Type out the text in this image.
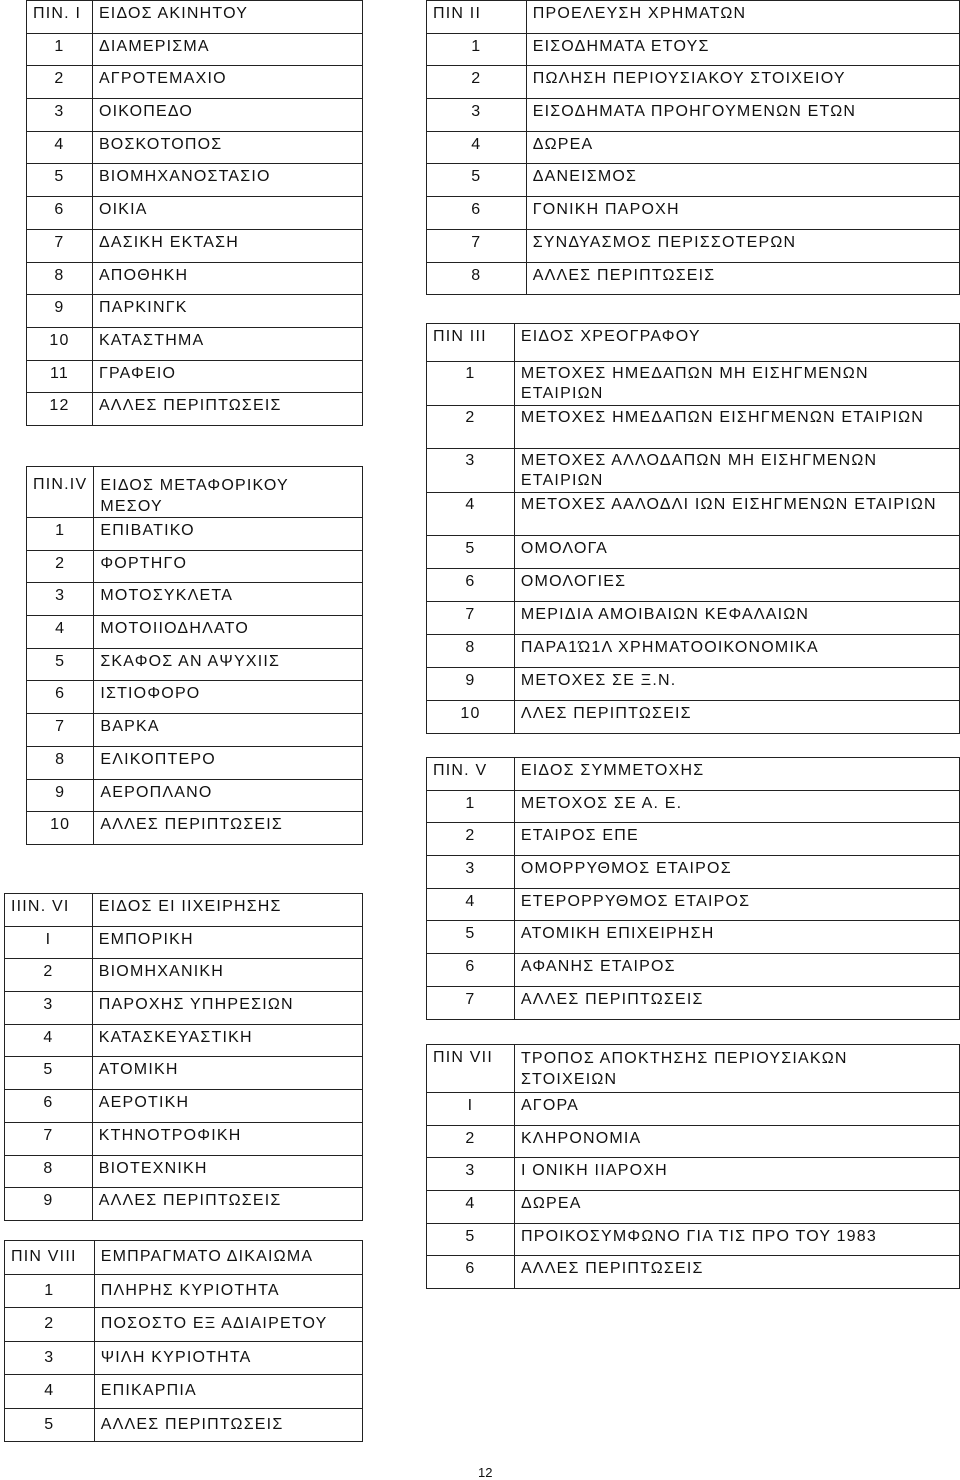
ΠΙΝ. I	ΕΙΔΟΣ ΑΚΙΝΗΤΟΥ
1	ΔΙΑΜΕΡΙΣΜΑ
2	ΑΓΡΟΤΕΜΑΧΙΟ
3	ΟΙΚΟΠΕΔΟ
4	ΒΟΣΚΟΤΟΠΟΣ
5	ΒΙΟΜΗΧΑΝΟΣΤΑΣΙΟ
6	ΟΙΚΙΑ
7	ΔΑΣΙΚΗ ΕΚΤΑΣΗ
8	ΑΠΟΘΗΚΗ
9	ΠΑΡΚΙΝΓΚ
10	ΚΑΤΑΣΤΗΜΑ
11	ΓΡΑΦΕΙΟ
12	ΑΛΛΕΣ ΠΕΡΙΠΤΩΣΕΙΣ
ΠΙΝ II	ΠΡΟΕΛΕΥΣΗ ΧΡΗΜΑΤΩΝ
1	ΕΙΣΟΔΗΜΑΤΑ ΕΤΟΥΣ
2	ΠΩΛΗΣΗ ΠΕΡΙΟΥΣΙΑΚΟΥ ΣΤΟΙΧΕΙΟΥ
3	ΕΙΣΟΔΗΜΑΤΑ ΠΡΟΗΓΟΥΜΕΝΩΝ ΕΤΩΝ
4	ΔΩΡΕΑ
5	ΔΑΝΕΙΣΜΟΣ
6	ΓΟΝΙΚΗ ΠΑΡΟΧΗ
7	ΣΥΝΔΥΑΣΜΟΣ ΠΕΡΙΣΣΟΤΕΡΩΝ
8	ΑΛΛΕΣ ΠΕΡΙΠΤΩΣΕΙΣ
ΠΙΝ III	ΕΙΔΟΣ ΧΡΕΟΓΡΑΦΟΥ
1	ΜΕΤΟΧΕΣ ΗΜΕΔΑΠΩΝ ΜΗ ΕΙΣΗΓΜΕΝΩΝ ΕΤΑΙΡΙΩΝ
2	ΜΕΤΟΧΕΣ ΗΜΕΔΑΠΩΝ ΕΙΣΗΓΜΕΝΩΝ ΕΤΑΙΡΙΩΝ
3	ΜΕΤΟΧΕΣ ΑΛΛΟΔΑΠΩΝ ΜΗ ΕΙΣΗΓΜΕΝΩΝ ΕΤΑΙΡΙΩΝ
4	ΜΕΤΟΧΕΣ ΑΑΛΟΔΛΙ ΙΩΝ ΕΙΣΗΓΜΕΝΩΝ ΕΤΑΙΡΙΩΝ
5	ΟΜΟΛΟΓΑ
6	ΟΜΟΛΟΓΙΕΣ
7	ΜΕΡΙΔΙΑ ΑΜΟΙΒΑΙΩΝ ΚΕΦΑΛΑΙΩΝ
8	ΠΑΡΑ1Ώ1Λ ΧΡΗΜΑΤΟΟΙΚΟΝΟΜΙΚΑ
9	ΜΕΤΟΧΕΣ ΣΕ Ξ.Ν.
10	ΛΛΕΣ ΠΕΡΙΠΤΩΣΕΙΣ
ΠΙΝ.IV	ΕΙΔΟΣ ΜΕΤΑΦΟΡΙΚΟΥ ΜΕΣΟΥ
1	ΕΠΙΒΑΤΙΚΟ
2	ΦΟΡΤΗΓΟ
3	ΜΟΤΟΣΥΚΛΕΤΑ
4	ΜΟΤΟΙΙΟΔΗΛΑΤΟ
5	ΣΚΑΦΟΣ ΑΝ ΑΨΥΧΙΙΣ
6	ΙΣΤΙΟΦΟΡΟ
7	ΒΑΡΚΑ
8	ΕΛΙΚΟΠΤΕΡΟ
9	ΑΕΡΟΠΛΑΝΟ
10	ΑΛΛΕΣ ΠΕΡΙΠΤΩΣΕΙΣ
ΠΙΝ. V	ΕΙΔΟΣ ΣΥΜΜΕΤΟΧΗΣ
1	ΜΕΤΟΧΟΣ ΣΕ Α. Ε.
2	ΕΤΑΙΡΟΣ ΕΠΕ
3	ΟΜΟΡΡΥΘΜΟΣ ΕΤΑΙΡΟΣ
4	ΕΤΕΡΟΡΡΥΘΜΟΣ ΕΤΑΙΡΟΣ
5	ΑΤΟΜΙΚΗ ΕΠΙΧΕΙΡΗΣΗ
6	ΑΦΑΝΗΣ ΕΤΑΙΡΟΣ
7	ΑΛΛΕΣ ΠΕΡΙΠΤΩΣΕΙΣ
ΙΙΙΝ. VI	ΕΙΔΟΣ ΕΙ ΙΙΧΕΙΡΗΣΗΣ
Ι	ΕΜΠΟΡΙΚΗ
2	ΒΙΟΜΗΧΑΝΙΚΗ
3	ΠΑΡΟΧΗΣ ΥΠΗΡΕΣΙΩΝ
4	ΚΑΤΑΣΚΕΥΑΣΤΙΚΗ
5	ΑΤΟΜΙΚΗ
6	ΑΕΡΟΤΙΚΗ
7	ΚΤΗΝΟΤΡΟΦΙΚΗ
8	ΒΙΟΤΕΧΝΙΚΗ
9	ΑΛΛΕΣ ΠΕΡΙΠΤΩΣΕΙΣ
ΠΙΝ VII	ΤΡΟΠΟΣ ΑΠΟΚΤΗΣΗΣ ΠΕΡΙΟΥΣΙΑΚΩΝ ΣΤΟΙΧΕΙΩΝ
Ι	ΑΓΟΡΑ
2	ΚΛΗΡΟΝΟΜΙΑ
3	Ι ΟΝΙΚΗ ΙΙΑΡΟΧΗ
4	ΔΩΡΕΑ
5	ΠΡΟΙΚΟΣΥΜΦΩΝΟ ΓΙΑ ΤΙΣ ΠΡΟ ΤΟΥ 1983
6	ΑΛΛΕΣ ΠΕΡΙΠΤΩΣΕΙΣ
ΠΙΝ VIII	ΕΜΠΡΑΓΜΑΤΟ ΔΙΚΑΙΩΜΑ
1	ΠΛΗΡΗΣ ΚΥΡΙΟΤΗΤΑ
2	ΠΟΣΟΣΤΟ ΕΞ ΑΔΙΑΙΡΕΤΟΥ
3	ΨΙΛΗ ΚΥΡΙΟΤΗΤΑ
4	ΕΠΙΚΑΡΠΙΑ
5	ΑΛΛΕΣ ΠΕΡΙΠΤΩΣΕΙΣ
12
